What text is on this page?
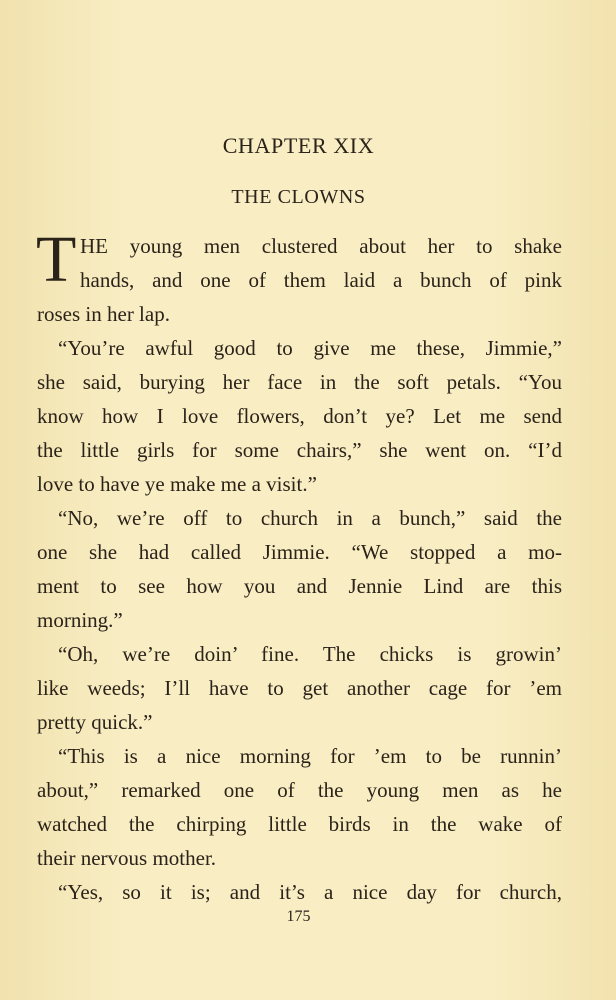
CHAPTER XIX
THE CLOWNS
T HE young men clustered about her to shake
hands, and one of them laid a bunch of pink
roses in her lap.
“You’re awful good to give me these, Jimmie,”
she said, burying her face in the soft petals. “You
know how I love flowers, don’t ye? Let me send
the little girls for some chairs,” she went on. “I’d
love to have ye make me a visit.”
“No, we’re off to church in a bunch,” said the
one she had called Jimmie. “We stopped a mo-
ment to see how you and Jennie Lind are this
morning.”
“Oh, we’re doin’ fine. The chicks is growin’
like weeds; I’ll have to get another cage for ’em
pretty quick.”
“This is a nice morning for ’em to be runnin’
about,” remarked one of the young men as he
watched the chirping little birds in the wake of
their nervous mother.
“Yes, so it is; and it’s a nice day for church,
175
